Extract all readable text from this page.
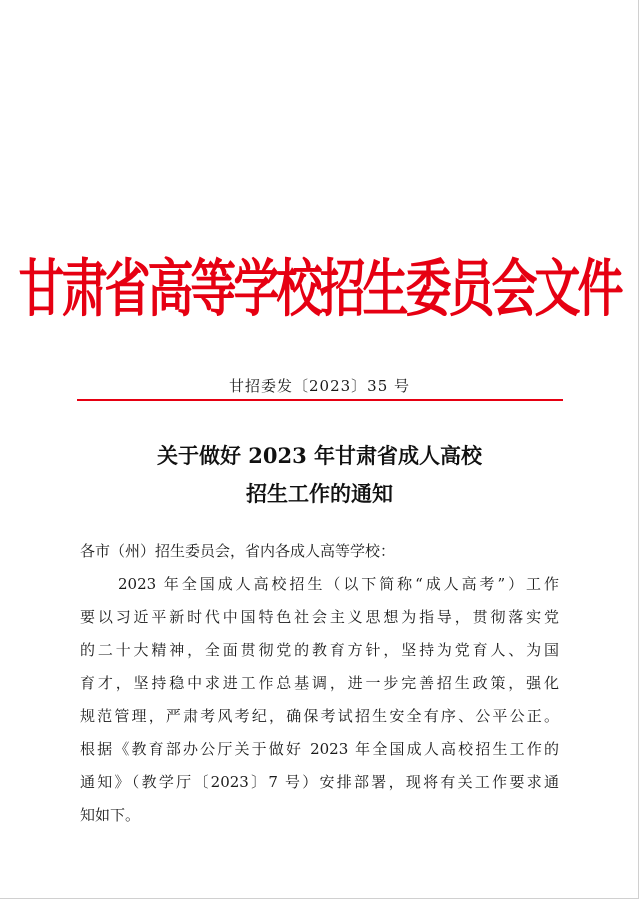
甘肃省高等学校招生委员会文件
甘招委发〔2023〕35 号
关于做好 2023 年甘肃省成人高校
招生工作的通知
各市（州）招生委员会，省内各成人高等学校：
2023 年全国成人高校招生（以下简称“成人高考”）工作
要以习近平新时代中国特色社会主义思想为指导，贯彻落实党
的二十大精神，全面贯彻党的教育方针，坚持为党育人、为国
育才，坚持稳中求进工作总基调，进一步完善招生政策，强化
规范管理，严肃考风考纪，确保考试招生安全有序、公平公正。
根据《教育部办公厅关于做好 2023 年全国成人高校招生工作的
通知》（教学厅〔2023〕7 号）安排部署，现将有关工作要求通
知如下。
